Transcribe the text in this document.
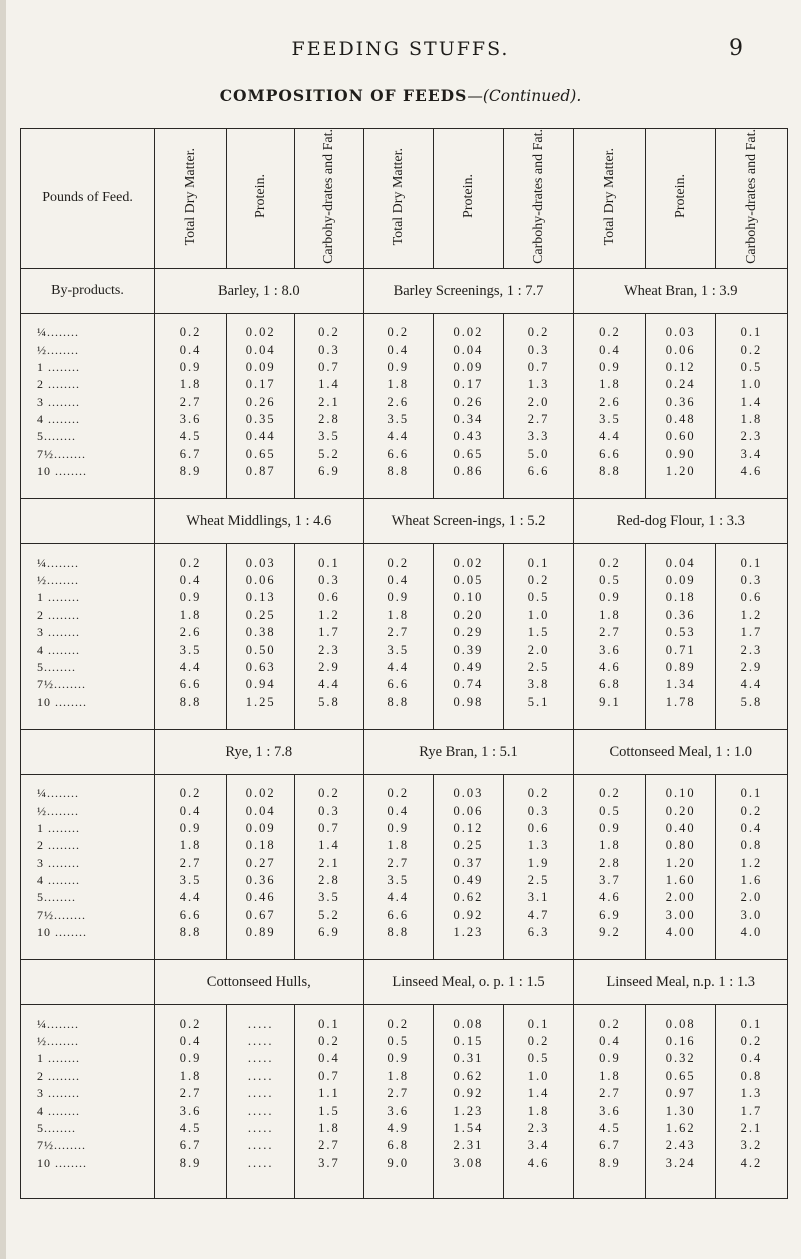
FEEDING STUFFS.	9
COMPOSITION OF FEEDS—(Continued).
Pounds of Feed.	Total Dry Matter.	Protein.	Carbohy-drates and Fat.	Total Dry Matter.	Protein.	Carbohy-drates and Fat.	Total Dry Matter.	Protein.	Carbohy-drates and Fat.
By-products.	Barley, 1 : 8.0			Barley Screenings, 1 : 7.7			Wheat Bran, 1 : 3.9		

¼........	0.2	0.02	0.2	0.2	0.02	0.2	0.2	0.03	0.1
½........	0.4	0.04	0.3	0.4	0.04	0.3	0.4	0.06	0.2
1 ........	0.9	0.09	0.7	0.9	0.09	0.7	0.9	0.12	0.5
2 ........	1.8	0.17	1.4	1.8	0.17	1.3	1.8	0.24	1.0
3 ........	2.7	0.26	2.1	2.6	0.26	2.0	2.6	0.36	1.4
4 ........	3.6	0.35	2.8	3.5	0.34	2.7	3.5	0.48	1.8
5........	4.5	0.44	3.5	4.4	0.43	3.3	4.4	0.60	2.3
7½........	6.7	0.65	5.2	6.6	0.65	5.0	6.6	0.90	3.4
10 ........	8.9	0.87	6.9	8.8	0.86	6.6	8.8	1.20	4.6

	Wheat Middlings, 1 : 4.6			Wheat Screen-ings, 1 : 5.2			Red-dog Flour, 1 : 3.3		

¼........	0.2	0.03	0.1	0.2	0.02	0.1	0.2	0.04	0.1
½........	0.4	0.06	0.3	0.4	0.05	0.2	0.5	0.09	0.3
1 ........	0.9	0.13	0.6	0.9	0.10	0.5	0.9	0.18	0.6
2 ........	1.8	0.25	1.2	1.8	0.20	1.0	1.8	0.36	1.2
3 ........	2.6	0.38	1.7	2.7	0.29	1.5	2.7	0.53	1.7
4 ........	3.5	0.50	2.3	3.5	0.39	2.0	3.6	0.71	2.3
5........	4.4	0.63	2.9	4.4	0.49	2.5	4.6	0.89	2.9
7½........	6.6	0.94	4.4	6.6	0.74	3.8	6.8	1.34	4.4
10 ........	8.8	1.25	5.8	8.8	0.98	5.1	9.1	1.78	5.8

	Rye, 1 : 7.8			Rye Bran, 1 : 5.1			Cottonseed Meal, 1 : 1.0		

¼........	0.2	0.02	0.2	0.2	0.03	0.2	0.2	0.10	0.1
½........	0.4	0.04	0.3	0.4	0.06	0.3	0.5	0.20	0.2
1 ........	0.9	0.09	0.7	0.9	0.12	0.6	0.9	0.40	0.4
2 ........	1.8	0.18	1.4	1.8	0.25	1.3	1.8	0.80	0.8
3 ........	2.7	0.27	2.1	2.7	0.37	1.9	2.8	1.20	1.2
4 ........	3.5	0.36	2.8	3.5	0.49	2.5	3.7	1.60	1.6
5........	4.4	0.46	3.5	4.4	0.62	3.1	4.6	2.00	2.0
7½........	6.6	0.67	5.2	6.6	0.92	4.7	6.9	3.00	3.0
10 ........	8.8	0.89	6.9	8.8	1.23	6.3	9.2	4.00	4.0

	Cottonseed Hulls,			Linseed Meal, o. p. 1 : 1.5			Linseed Meal, n.p. 1 : 1.3		

¼........	0.2	.....	0.1	0.2	0.08	0.1	0.2	0.08	0.1
½........	0.4	.....	0.2	0.5	0.15	0.2	0.4	0.16	0.2
1 ........	0.9	.....	0.4	0.9	0.31	0.5	0.9	0.32	0.4
2 ........	1.8	.....	0.7	1.8	0.62	1.0	1.8	0.65	0.8
3 ........	2.7	.....	1.1	2.7	0.92	1.4	2.7	0.97	1.3
4 ........	3.6	.....	1.5	3.6	1.23	1.8	3.6	1.30	1.7
5........	4.5	.....	1.8	4.9	1.54	2.3	4.5	1.62	2.1
7½........	6.7	.....	2.7	6.8	2.31	3.4	6.7	2.43	3.2
10 ........	8.9	.....	3.7	9.0	3.08	4.6	8.9	3.24	4.2
